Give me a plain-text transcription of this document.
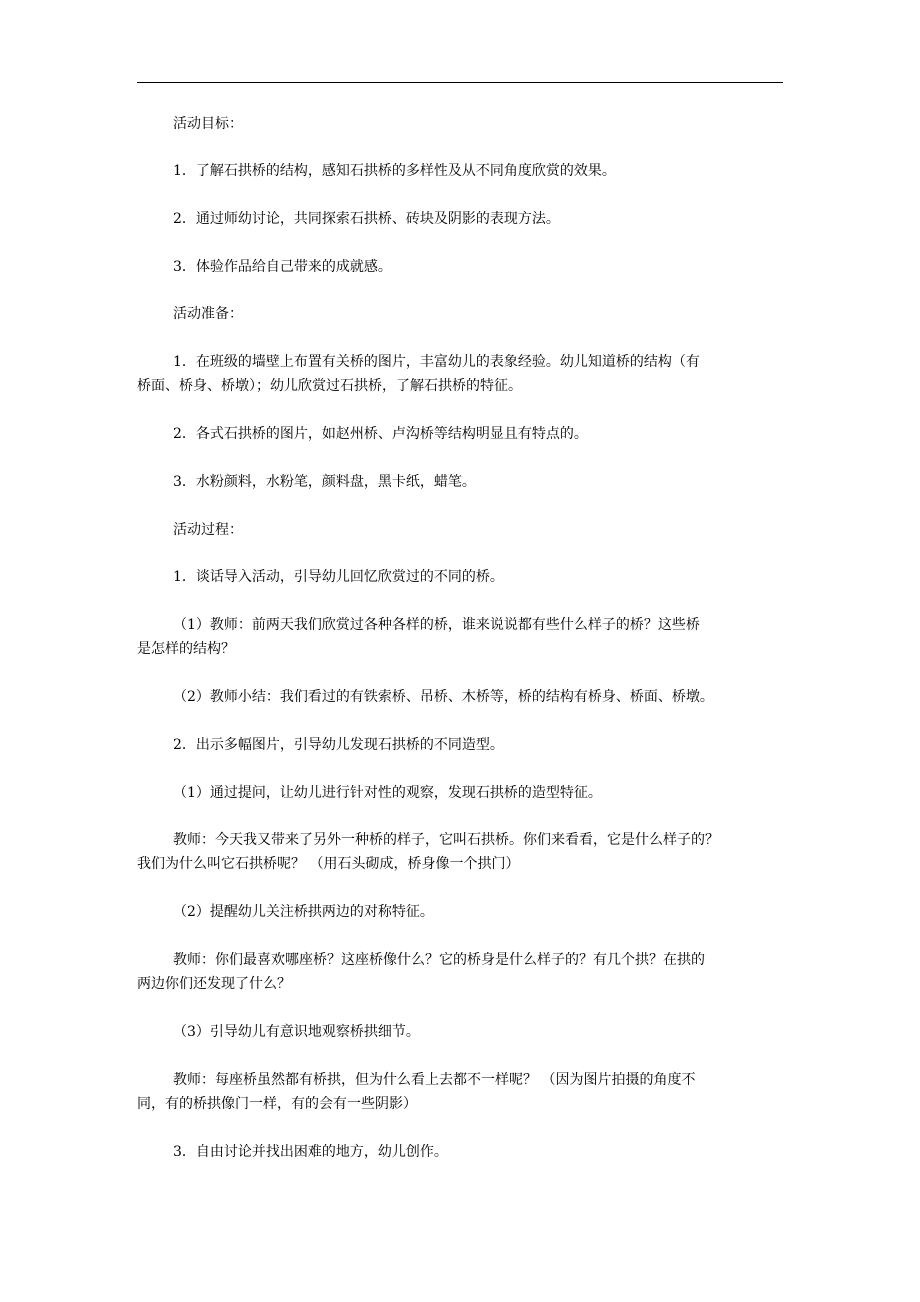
活动目标：
1．了解石拱桥的结构，感知石拱桥的多样性及从不同角度欣赏的效果。
2．通过师幼讨论，共同探索石拱桥、砖块及阴影的表现方法。
3．体验作品给自己带来的成就感。
活动准备：
1．在班级的墙壁上布置有关桥的图片，丰富幼儿的表象经验。幼儿知道桥的结构（有
桥面、桥身、桥墩）；幼儿欣赏过石拱桥，了解石拱桥的特征。
2．各式石拱桥的图片，如赵州桥、卢沟桥等结构明显且有特点的。
3．水粉颜料，水粉笔，颜料盘，黑卡纸，蜡笔。
活动过程：
1．谈话导入活动，引导幼儿回忆欣赏过的不同的桥。
（1）教师：前两天我们欣赏过各种各样的桥，谁来说说都有些什么样子的桥？这些桥
是怎样的结构？
（2）教师小结：我们看过的有铁索桥、吊桥、木桥等，桥的结构有桥身、桥面、桥墩。
2．出示多幅图片，引导幼儿发现石拱桥的不同造型。
（1）通过提问，让幼儿进行针对性的观察，发现石拱桥的造型特征。
教师：今天我又带来了另外一种桥的样子，它叫石拱桥。你们来看看，它是什么样子的？
我们为什么叫它石拱桥呢？ （用石头砌成，桥身像一个拱门）
（2）提醒幼儿关注桥拱两边的对称特征。
教师：你们最喜欢哪座桥？这座桥像什么？它的桥身是什么样子的？有几个拱？在拱的
两边你们还发现了什么？
（3）引导幼儿有意识地观察桥拱细节。
教师：每座桥虽然都有桥拱，但为什么看上去都不一样呢？ （因为图片拍摄的角度不
同，有的桥拱像门一样，有的会有一些阴影）
3．自由讨论并找出困难的地方，幼儿创作。
